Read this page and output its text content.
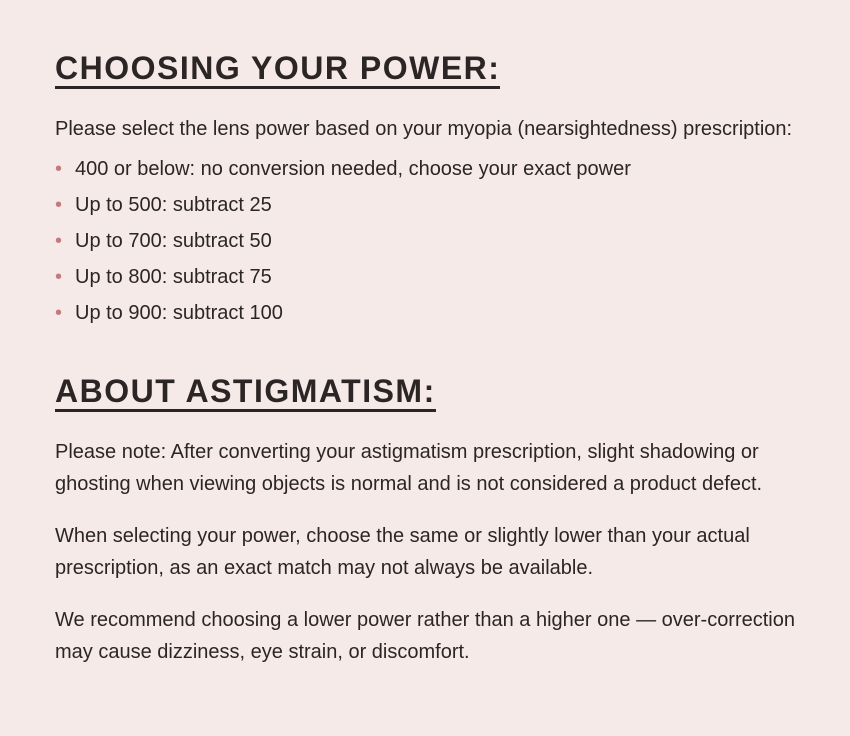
CHOOSING YOUR POWER:

Please select the lens power based on your myopia (nearsightedness) prescription:

• 400 or below: no conversion needed, choose your exact power
• Up to 500: subtract 25
• Up to 700: subtract 50
• Up to 800: subtract 75
• Up to 900: subtract 100
ABOUT ASTIGMATISM:

Please note: After converting your astigmatism prescription, slight shadowing or ghosting when viewing objects is normal and is not considered a product defect.

When selecting your power, choose the same or slightly lower than your actual prescription, as an exact match may not always be available.

We recommend choosing a lower power rather than a higher one — over-correction may cause dizziness, eye strain, or discomfort.
